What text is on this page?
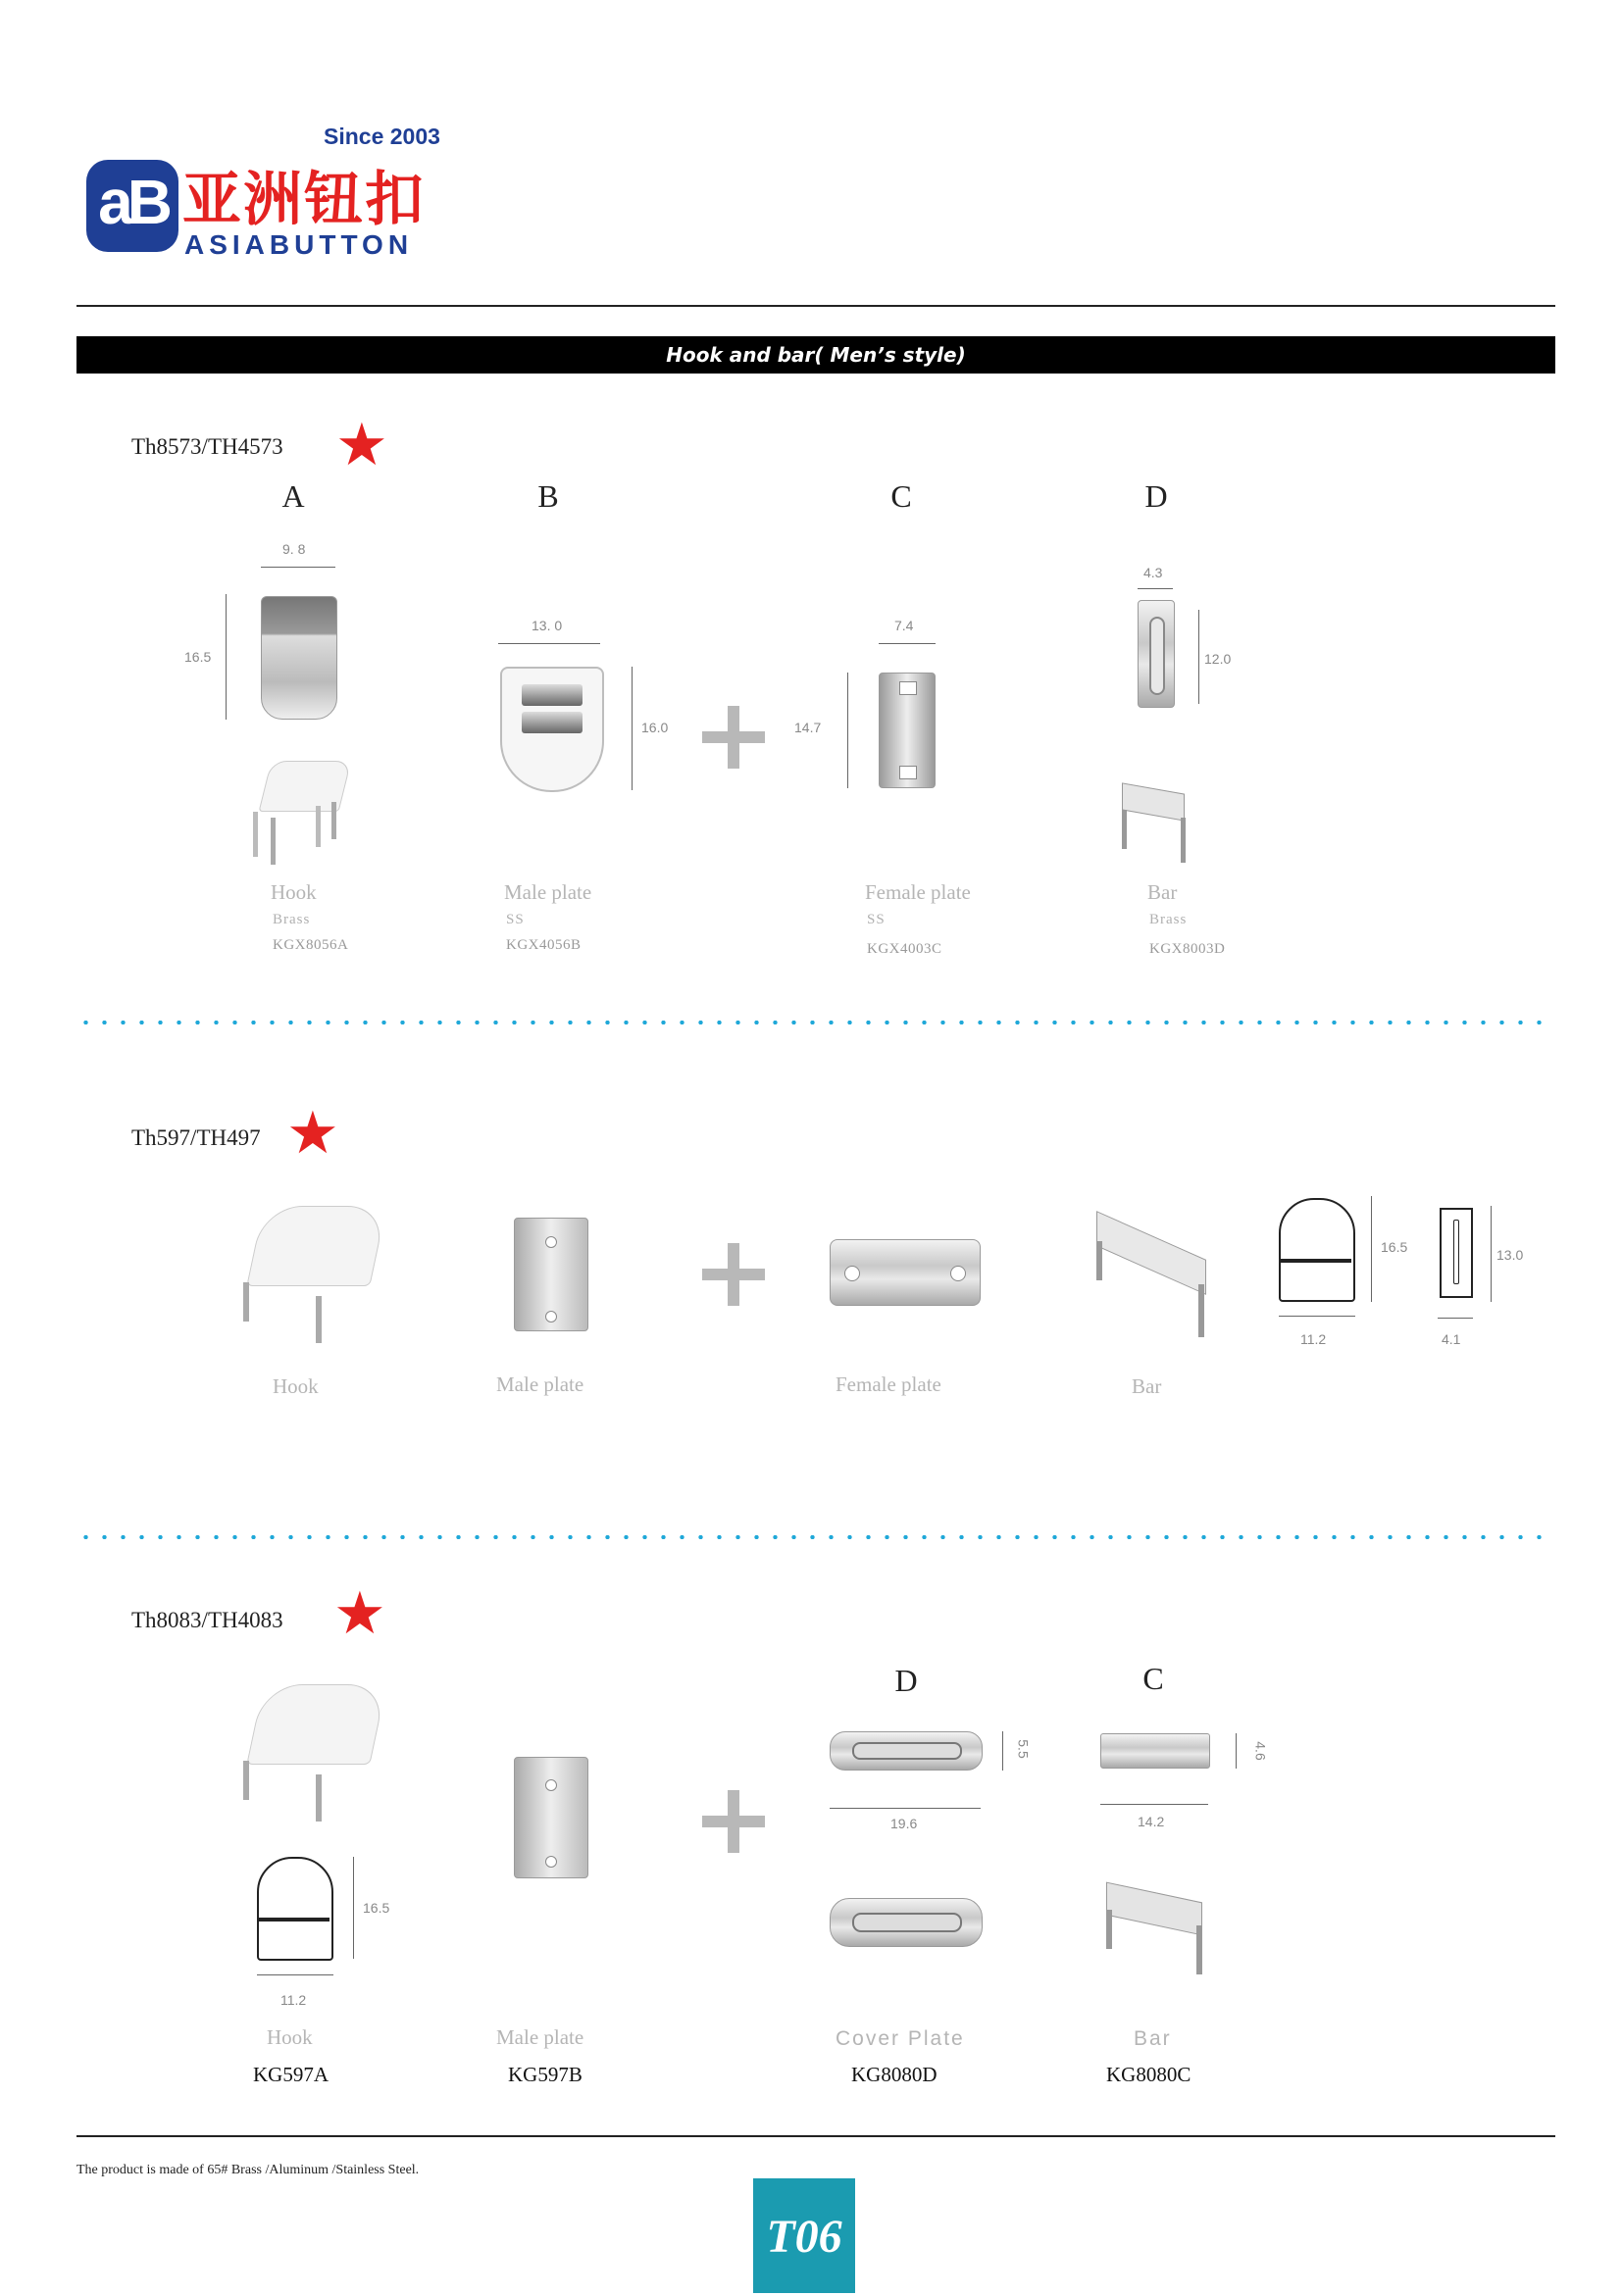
Since 2003
aB 亚洲钮扣
ASIABUTTON
Hook and bar( Men’s style)
Th8573/TH4573 ★
A	B	C	D
9. 8
16.5
13. 0
16.0
7.4
14.7
4.3
12.0
Hook
Brass
KGX8056A
Male plate
SS
KGX4056B
Female plate
SS
KGX4003C
Bar
Brass
KGX8003D
Th597/TH497 ★
16.5
11.2
13.0
4.1
Hook	Male plate	Female plate	Bar
Th8083/TH4083 ★
D	C
16.5
11.2
5.5
19.6
4.6
14.2
Hook
KG597A
Male plate
KG597B
Cover Plate
KG8080D
Bar
KG8080C
The product is made of 65# Brass /Aluminum /Stainless Steel.
T06
